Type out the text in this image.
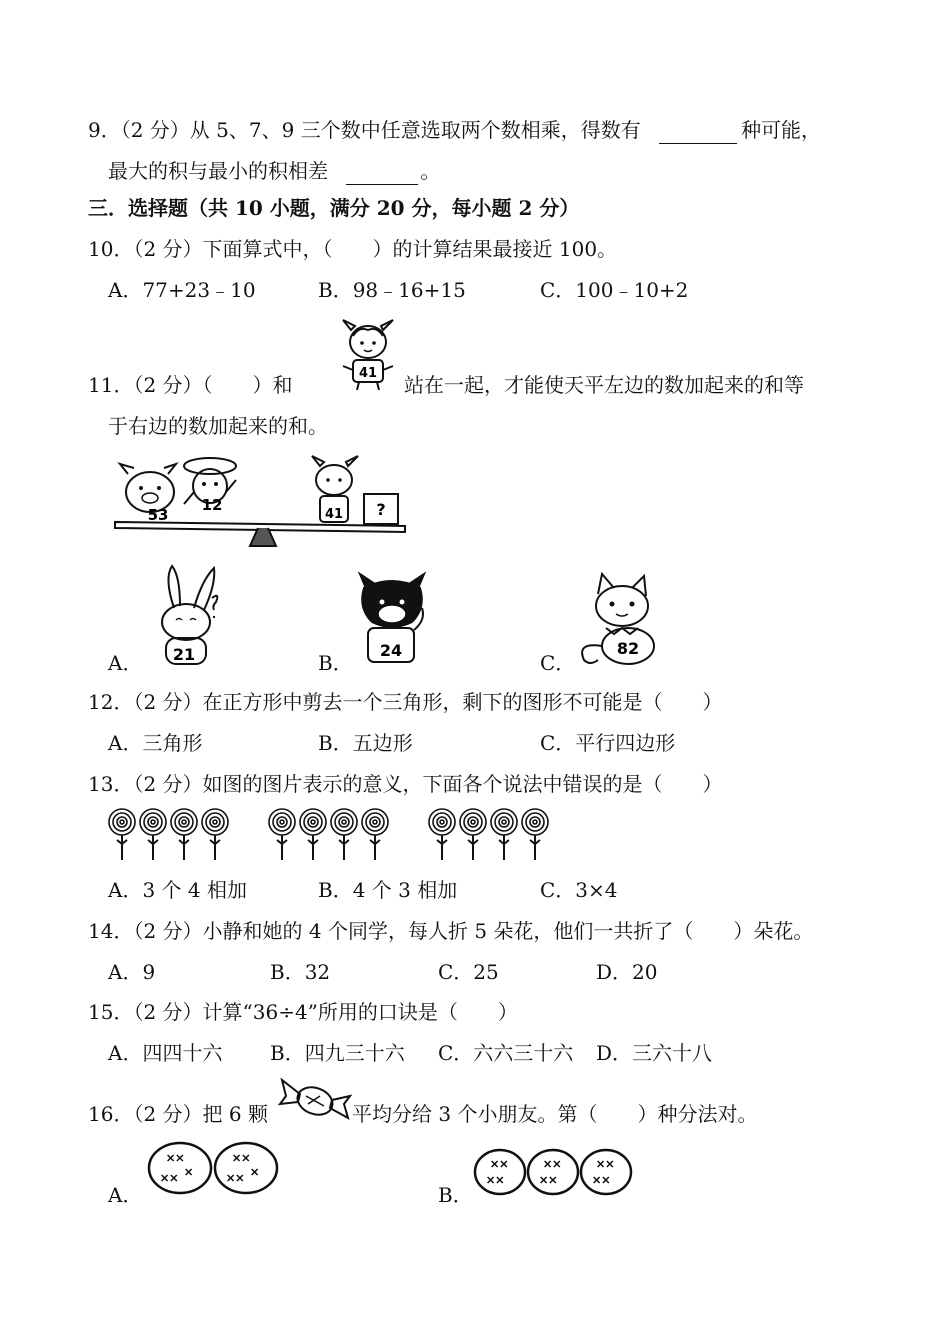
9．（2 分）从 5、7、9 三个数中任意选取两个数相乘，得数有	种可能，
最大的积与最小的积相差	。
三．选择题（共 10 小题，满分 20 分，每小题 2 分）
10．（2 分）下面算式中，（　　）的计算结果最接近 100。
A．77+23﹣10	B．98﹣16+15	C．100﹣10+2
11．（2 分）（　　）和	41 站在一起，才能使天平左边的数加起来的和等
于右边的数加起来的和。
53
12
41 ?
A． 21	B．
24
C．
82
12．（2 分）在正方形中剪去一个三角形，剩下的图形不可能是（　　）
A．三角形	B．五边形	C．平行四边形
13．（2 分）如图的图片表示的意义，下面各个说法中错误的是（　　）
A．3 个 4 相加	B．4 个 3 相加	C．3×4
14．（2 分）小静和她的 4 个同学，每人折 5 朵花，他们一共折了（　　）朵花。
A．9	B．32	C．25	D．20
15．（2 分）计算“36÷4”所用的口诀是（　　）
A．四四十六 B．四九三十六 C．六六三十六 D．三六十八
16．（2 分）把 6 颗	平均分给 3 个小朋友。第（　　）种分法对。
A．
✕✕
✕✕ ✕
✕✕
✕✕ ✕
B．
✕✕
✕✕
✕✕
✕✕
✕✕
✕✕
